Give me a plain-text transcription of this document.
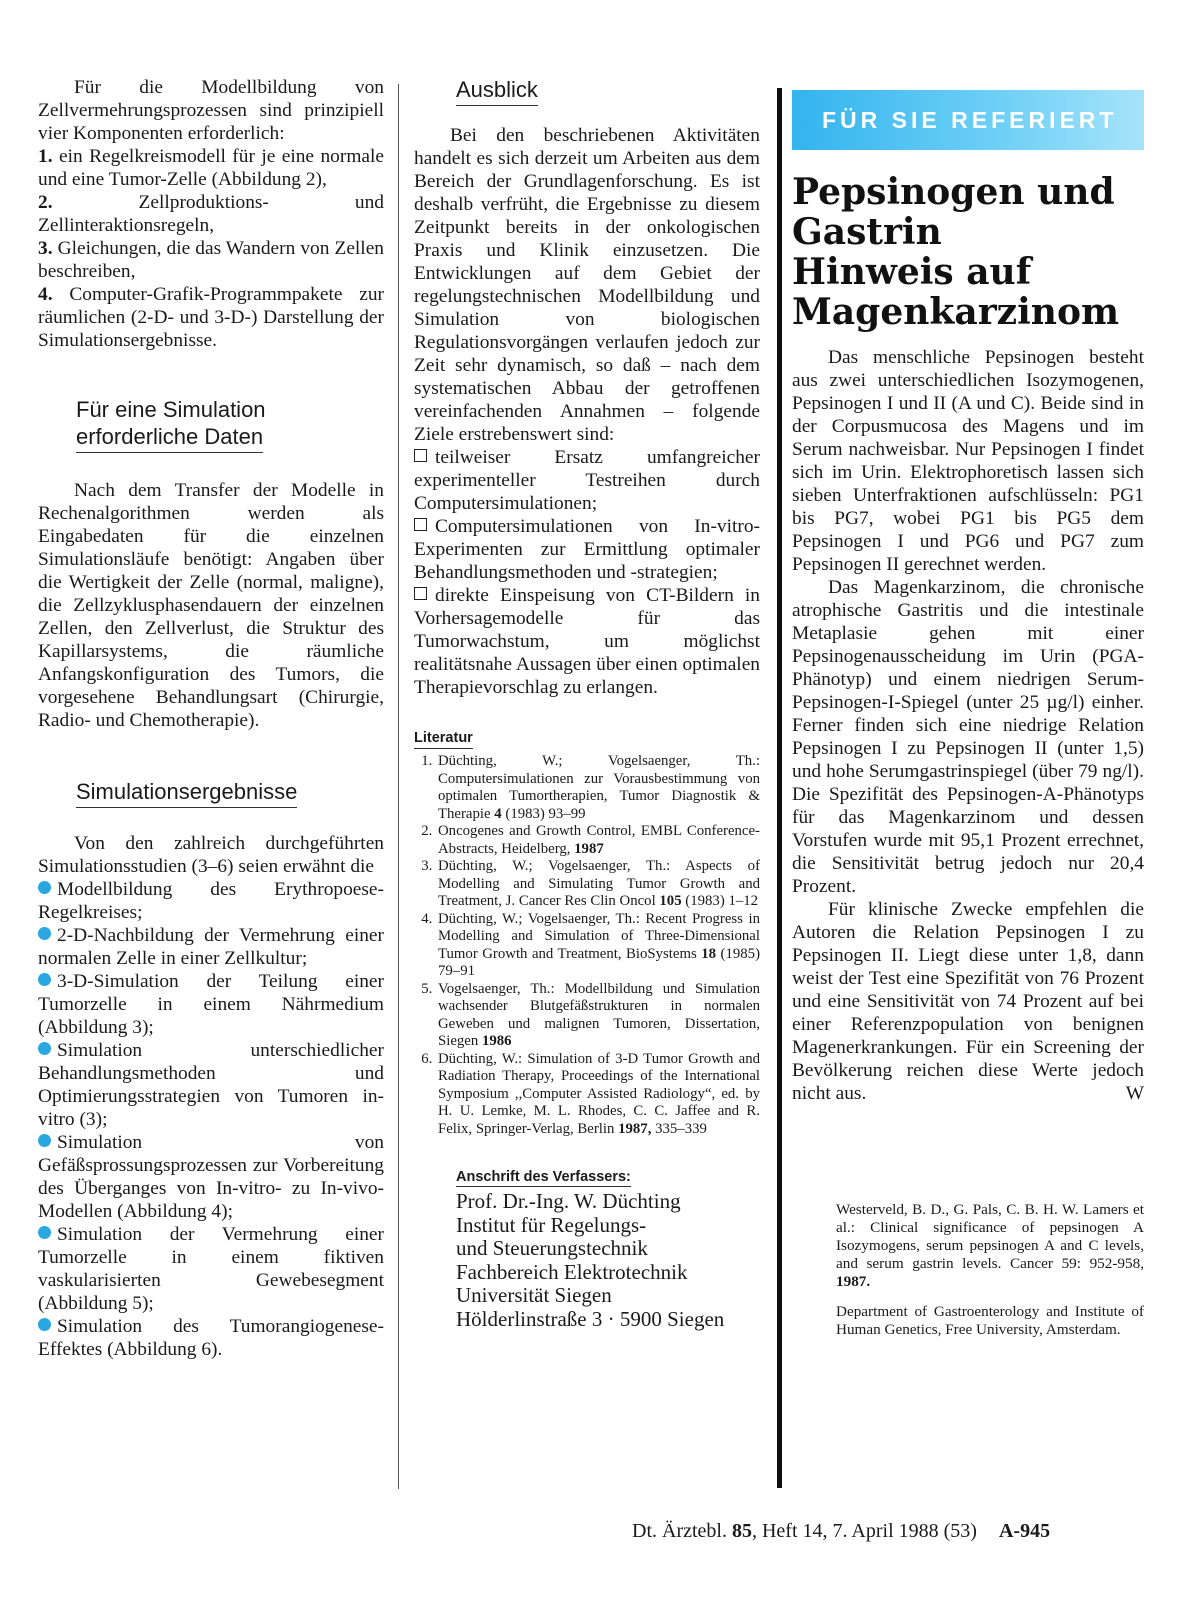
Für die Modellbildung von Zellvermehrungsprozessen sind prinzipiell vier Komponenten erforderlich:

1. ein Regelkreismodell für je eine normale und eine Tumor-Zelle (Abbildung 2),

2. Zellproduktions- und Zellinteraktionsregeln,

3. Gleichungen, die das Wandern von Zellen beschreiben,

4. Computer-Grafik-Programmpakete zur räumlichen (2-D- und 3-D-) Darstellung der Simulationsergebnisse.

Für eine Simulation

erforderliche Daten

Nach dem Transfer der Modelle in Rechenalgorithmen werden als Eingabedaten für die einzelnen Simulationsläufe benötigt: Angaben über die Wertigkeit der Zelle (normal, maligne), die Zellzyklusphasendauern der einzelnen Zellen, den Zellverlust, die Struktur des Kapillarsystems, die räumliche Anfangskonfiguration des Tumors, die vorgesehene Behandlungsart (Chirurgie, Radio- und Chemotherapie).

Simulationsergebnisse

Von den zahlreich durchgeführten Simulationsstudien (3–6) seien erwähnt die

Modellbildung des Erythropoese-Regelkreises;
2-D-Nachbildung der Vermehrung einer normalen Zelle in einer Zellkultur;
3-D-Simulation der Teilung einer Tumorzelle in einem Nährmedium (Abbildung 3);
Simulation unterschiedlicher Behandlungsmethoden und Optimierungsstrategien von Tumoren in-vitro (3);
Simulation von Gefäßsprossungsprozessen zur Vorbereitung des Überganges von In-vitro- zu In-vivo-Modellen (Abbildung 4);
Simulation der Vermehrung einer Tumorzelle in einem fiktiven vaskularisierten Gewebesegment (Abbildung 5);
Simulation des Tumorangiogenese-Effektes (Abbildung 6).

Ausblick

Bei den beschriebenen Aktivitäten handelt es sich derzeit um Arbeiten aus dem Bereich der Grundlagenforschung. Es ist deshalb verfrüht, die Ergebnisse zu diesem Zeitpunkt bereits in der onkologischen Praxis und Klinik einzusetzen. Die Entwicklungen auf dem Gebiet der regelungstechnischen Modellbildung und Simulation von biologischen Regulationsvorgängen verlaufen jedoch zur Zeit sehr dynamisch, so daß – nach dem systematischen Abbau der getroffenen vereinfachenden Annahmen – folgende Ziele erstrebenswert sind:

teilweiser Ersatz umfangreicher experimenteller Testreihen durch Computersimulationen;
Computersimulationen von In-vitro-Experimenten zur Ermittlung optimaler Behandlungsmethoden und -strategien;
direkte Einspeisung von CT-Bildern in Vorhersagemodelle für das Tumorwachstum, um möglichst realitätsnahe Aussagen über einen optimalen Therapievorschlag zu erlangen.

Literatur

1. Düchting, W.; Vogelsaenger, Th.: Computersimulationen zur Vorausbestimmung von optimalen Tumortherapien, Tumor Diagnostik & Therapie 4 (1983) 93–99
2. Oncogenes and Growth Control, EMBL Conference-Abstracts, Heidelberg, 1987
3. Düchting, W.; Vogelsaenger, Th.: Aspects of Modelling and Simulating Tumor Growth and Treatment, J. Cancer Res Clin Oncol 105 (1983) 1–12
4. Düchting, W.; Vogelsaenger, Th.: Recent Progress in Modelling and Simulation of Three-Dimensional Tumor Growth and Treatment, BioSystems 18 (1985) 79–91
5. Vogelsaenger, Th.: Modellbildung und Simulation wachsender Blutgefäßstrukturen in normalen Geweben und malignen Tumoren, Dissertation, Siegen 1986
6. Düchting, W.: Simulation of 3-D Tumor Growth and Radiation Therapy, Proceedings of the International Symposium ,,Computer Assisted Radiology“, ed. by H. U. Lemke, M. L. Rhodes, C. C. Jaffee and R. Felix, Springer-Verlag, Berlin 1987, 335–339

Anschrift des Verfassers:

Prof. Dr.-Ing. W. Düchting

Institut für Regelungs-

und Steuerungstechnik

Fachbereich Elektrotechnik

Universität Siegen

Hölderlinstraße 3 · 5900 Siegen

FÜR SIE REFERIERT
Pepsinogen und
Gastrin
Hinweis auf
Magenkarzinom

Das menschliche Pepsinogen besteht aus zwei unterschiedlichen Isozymogenen, Pepsinogen I und II (A und C). Beide sind in der Corpusmucosa des Magens und im Serum nachweisbar. Nur Pepsinogen I findet sich im Urin. Elektrophoretisch lassen sich sieben Unterfraktionen aufschlüsseln: PG1 bis PG7, wobei PG1 bis PG5 dem Pepsinogen I und PG6 und PG7 zum Pepsinogen II gerechnet werden.

Das Magenkarzinom, die chronische atrophische Gastritis und die intestinale Metaplasie gehen mit einer Pepsinogenausscheidung im Urin (PGA-Phänotyp) und einem niedrigen Serum-Pepsinogen-I-Spiegel (unter 25 µg/l) einher. Ferner finden sich eine niedrige Relation Pepsinogen I zu Pepsinogen II (unter 1,5) und hohe Serumgastrinspiegel (über 79 ng/l). Die Spezifität des Pepsinogen-A-Phänotyps für das Magenkarzinom und dessen Vorstufen wurde mit 95,1 Prozent errechnet, die Sensitivität betrug jedoch nur 20,4 Prozent.

Für klinische Zwecke empfehlen die Autoren die Relation Pepsinogen I zu Pepsinogen II. Liegt diese unter 1,8, dann weist der Test eine Spezifität von 76 Prozent und eine Sensitivität von 74 Prozent auf bei einer Referenzpopulation von benignen Magenerkrankungen. Für ein Screening der Bevölkerung reichen diese Werte jedoch nicht aus.	W

Westerveld, B. D., G. Pals, C. B. H. W. Lamers et al.: Clinical significance of pepsinogen A Isozymogens, serum pepsinogen A and C levels, and serum gastrin levels. Cancer 59: 952-958, 1987.

Department of Gastroenterology and Institute of Human Genetics, Free University, Amsterdam.

Dt. Ärztebl. 85, Heft 14, 7. April 1988 (53) A-945
